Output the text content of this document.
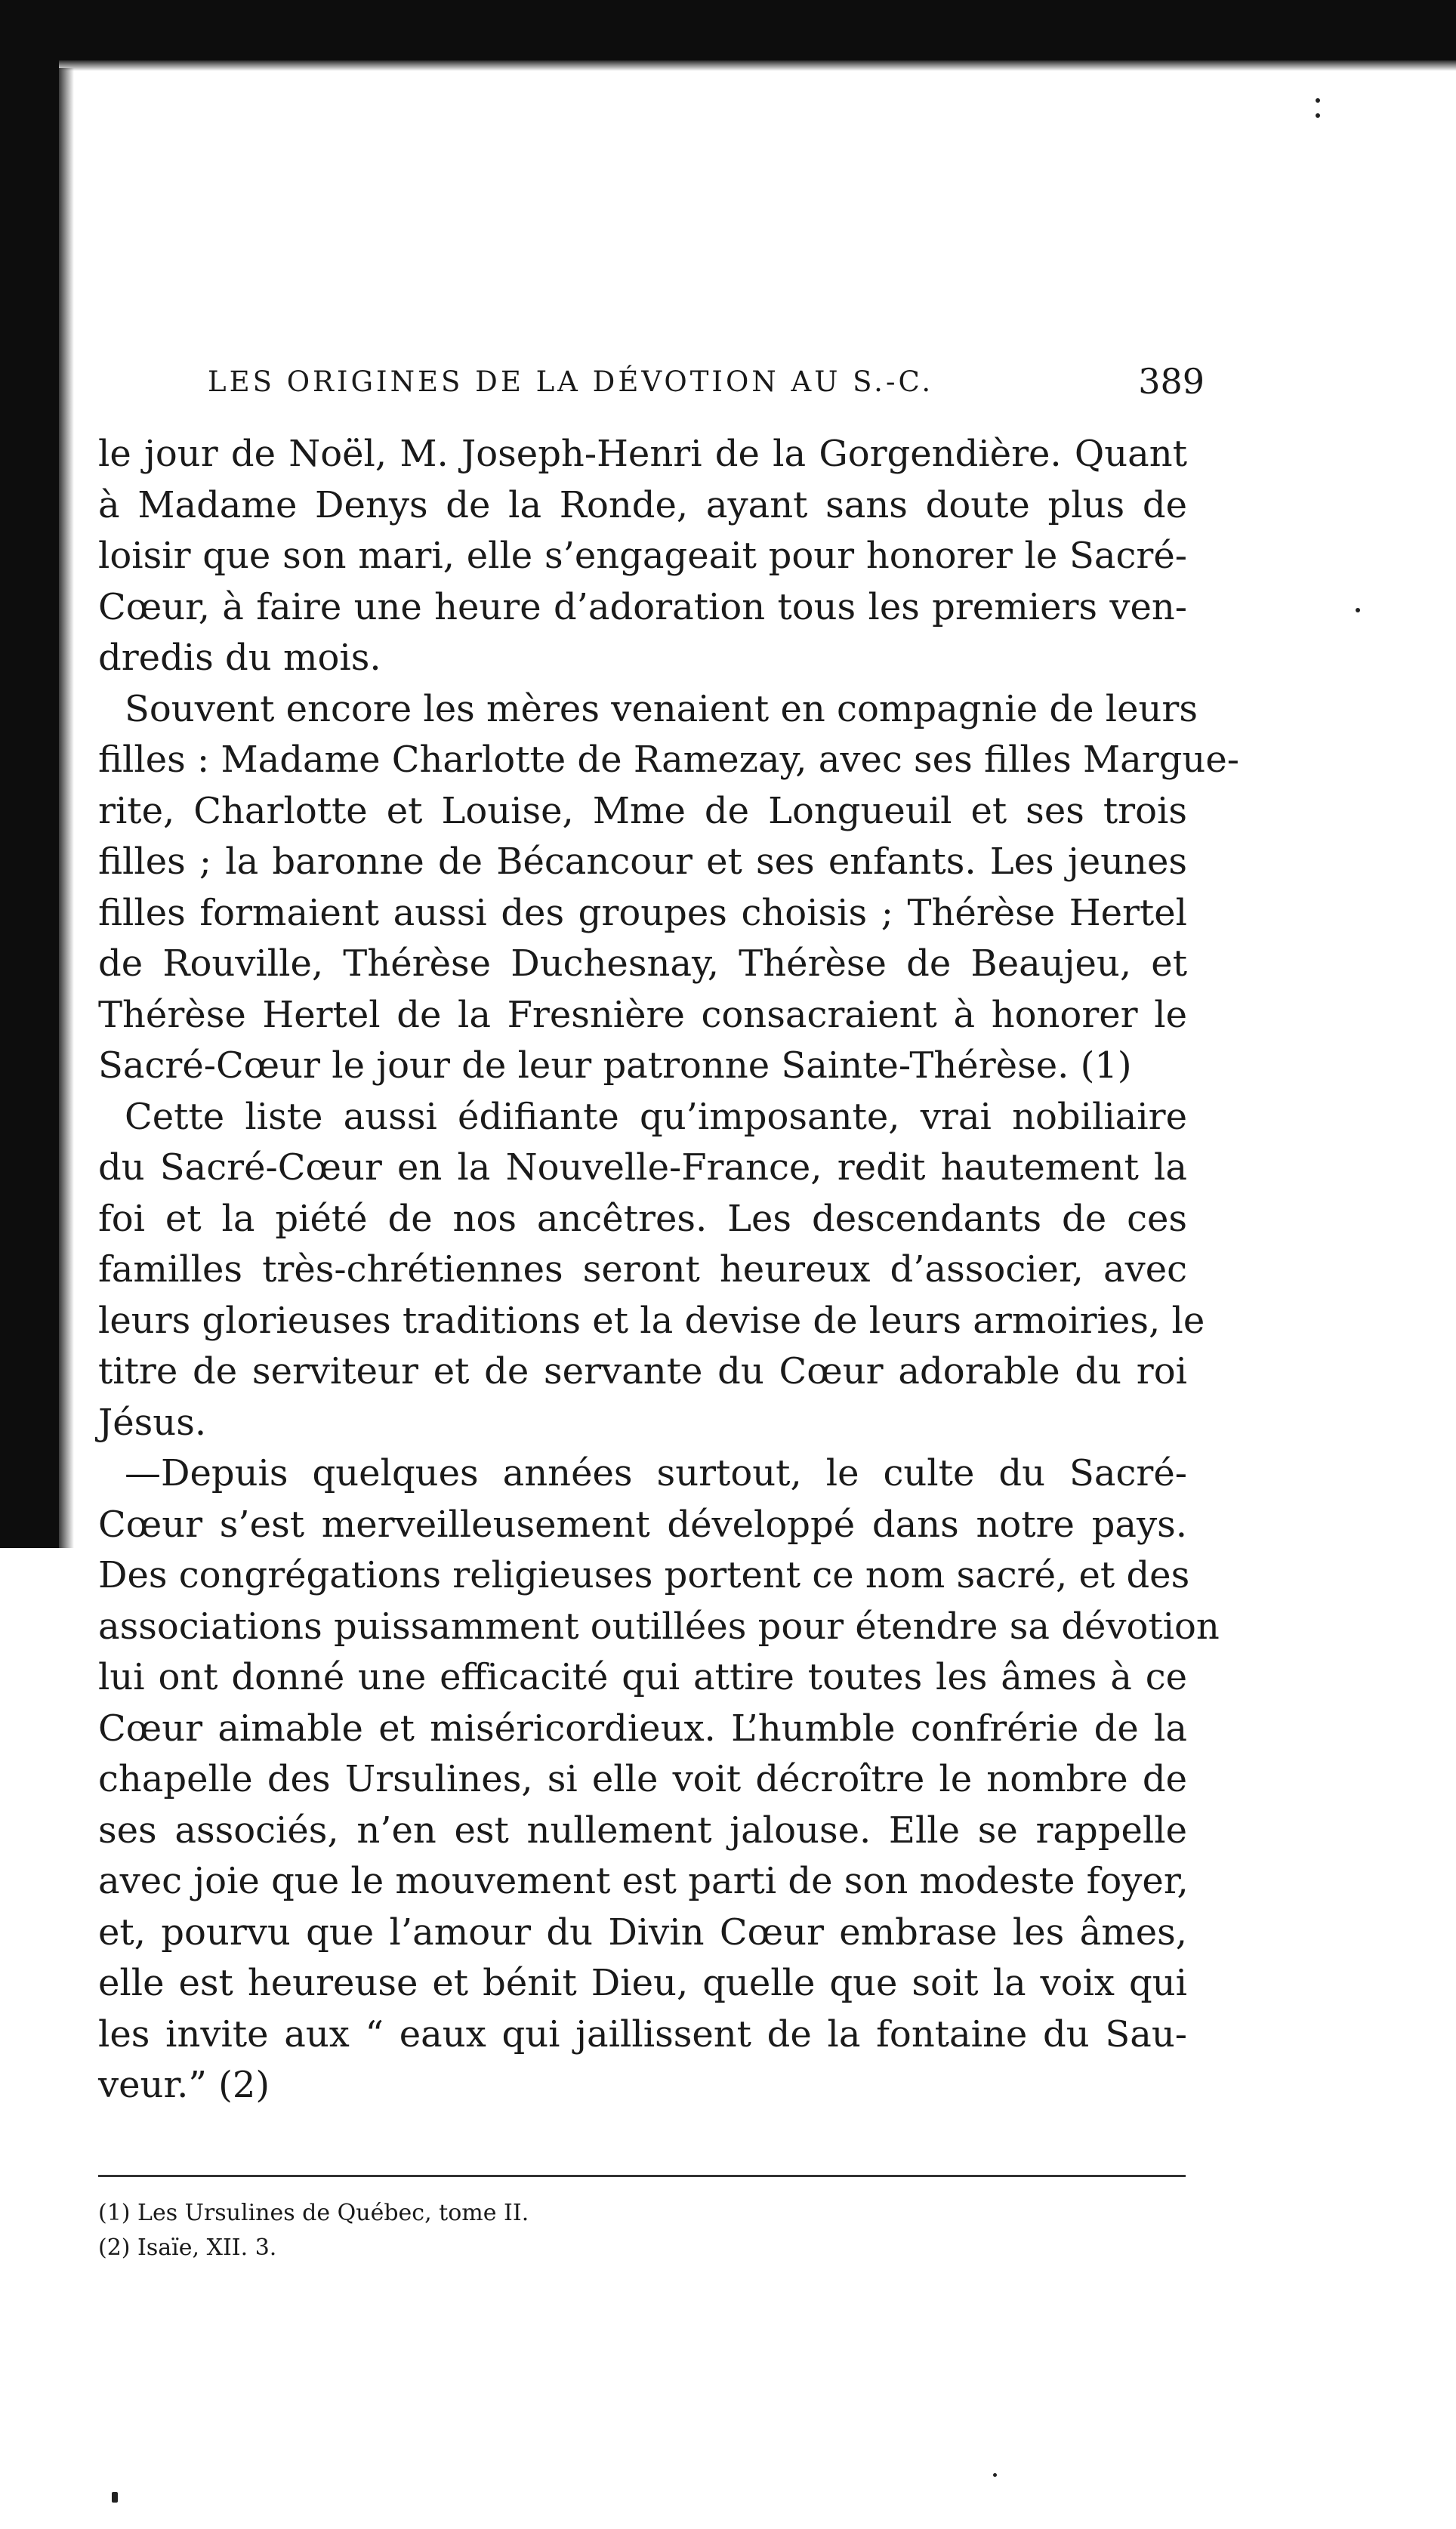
LES ORIGINES DE LA DÉVOTION AU S.-C.	389
le jour de Noël, M. Joseph-Henri de la Gorgendière. Quant
à Madame Denys de la Ronde, ayant sans doute plus de
loisir que son mari, elle s’engageait pour honorer le Sacré-
Cœur, à faire une heure d’adoration tous les premiers ven-
dredis du mois.
Souvent encore les mères venaient en compagnie de leurs
filles : Madame Charlotte de Ramezay, avec ses filles Margue-
rite, Charlotte et Louise, Mme de Longueuil et ses trois
filles ; la baronne de Bécancour et ses enfants. Les jeunes
filles formaient aussi des groupes choisis ; Thérèse Hertel
de Rouville, Thérèse Duchesnay, Thérèse de Beaujeu, et
Thérèse Hertel de la Fresnière consacraient à honorer le
Sacré-Cœur le jour de leur patronne Sainte-Thérèse. (1)
Cette liste aussi édifiante qu’imposante, vrai nobiliaire
du Sacré-Cœur en la Nouvelle-France, redit hautement la
foi et la piété de nos ancêtres. Les descendants de ces
familles très-chrétiennes seront heureux d’associer, avec
leurs glorieuses traditions et la devise de leurs armoiries, le
titre de serviteur et de servante du Cœur adorable du roi
Jésus.
—Depuis quelques années surtout, le culte du Sacré-
Cœur s’est merveilleusement développé dans notre pays.
Des congrégations religieuses portent ce nom sacré, et des
associations puissamment outillées pour étendre sa dévotion
lui ont donné une efficacité qui attire toutes les âmes à ce
Cœur aimable et miséricordieux. L’humble confrérie de la
chapelle des Ursulines, si elle voit décroître le nombre de
ses associés, n’en est nullement jalouse. Elle se rappelle
avec joie que le mouvement est parti de son modeste foyer,
et, pourvu que l’amour du Divin Cœur embrase les âmes,
elle est heureuse et bénit Dieu, quelle que soit la voix qui
les invite aux “ eaux qui jaillissent de la fontaine du Sau-
veur.” (2)
(1) Les Ursulines de Québec, tome II.
(2) Isaïe, XII. 3.
